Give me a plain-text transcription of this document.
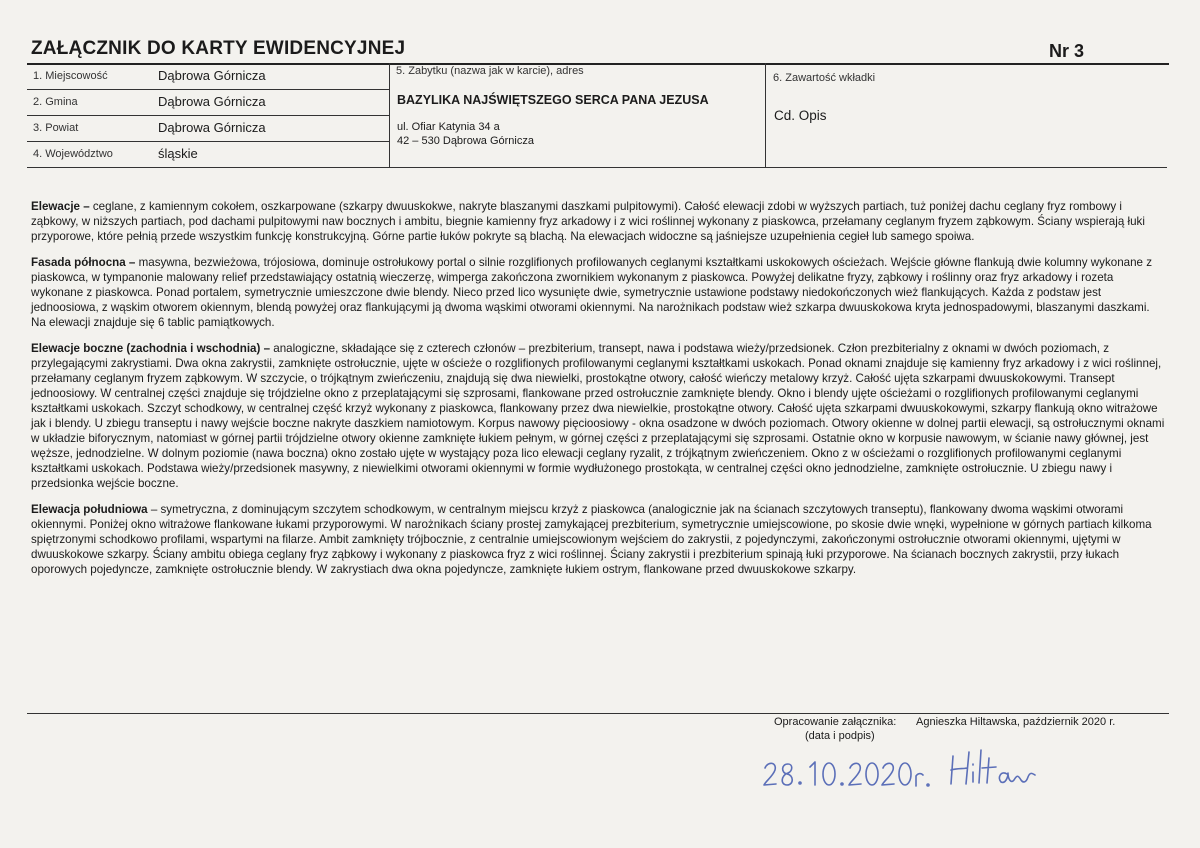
ZAŁĄCZNIK DO KARTY EWIDENCYJNEJ	Nr 3
1. Miejscowość	Dąbrowa Górnicza
2. Gmina	Dąbrowa Górnicza
3. Powiat	Dąbrowa Górnicza
4. Województwo	śląskie
5. Zabytku (nazwa jak w karcie), adres
BAZYLIKA NAJŚWIĘTSZEGO SERCA PANA JEZUSA
ul. Ofiar Katynia 34 a
42 – 530 Dąbrowa Górnicza
6. Zawartość wkładki
Cd. Opis

Elewacje – ceglane, z kamiennym cokołem, oszkarpowane (szkarpy dwuuskokwe, nakryte blaszanymi daszkami pulpitowymi). Całość elewacji zdobi w wyższych partiach, tuż poniżej dachu ceglany fryz rombowy i ząbkowy, w niższych partiach, pod dachami pulpitowymi naw bocznych i ambitu, biegnie kamienny fryz arkadowy i z wici roślinnej wykonany z piaskowca, przełamany ceglanym fryzem ząbkowym. Ściany wspierają łuki przyporowe, które pełnią przede wszystkim funkcję konstrukcyjną. Górne partie łuków pokryte są blachą. Na elewacjach widoczne są jaśniejsze uzupełnienia cegieł lub samego spoiwa.

Fasada północna – masywna, bezwieżowa, trójosiowa, dominuje ostrołukowy portal o silnie rozglifionych profilowanych ceglanymi kształtkami uskokowych ościeżach. Wejście główne flankują dwie kolumny wykonane z piaskowca, w tympanonie malowany relief przedstawiający ostatnią wieczerzę, wimperga zakończona zwornikiem wykonanym z piaskowca. Powyżej delikatne fryzy, ząbkowy i roślinny oraz fryz arkadowy i rozeta wykonane z piaskowca. Ponad portalem, symetrycznie umieszczone dwie blendy. Nieco przed lico wysunięte dwie, symetrycznie ustawione podstawy niedokończonych wież flankujących. Każda z podstaw jest jednoosiowa, z wąskim otworem okiennym, blendą powyżej oraz flankującymi ją dwoma wąskimi otworami okiennymi. Na narożnikach podstaw wież szkarpa dwuuskokowa kryta jednospadowymi, blaszanymi daszkami. Na elewacji znajduje się 6 tablic pamiątkowych.

Elewacje boczne (zachodnia i wschodnia) – analogiczne, składające się z czterech członów – prezbiterium, transept, nawa i podstawa wieży/przedsionek. Człon prezbiterialny z oknami w dwóch poziomach, z przylegającymi zakrystiami. Dwa okna zakrystii, zamknięte ostrołucznie, ujęte w ościeże o rozglifionych profilowanymi ceglanymi kształtkami uskokach. Ponad oknami znajduje się kamienny fryz arkadowy i z wici roślinnej, przełamany ceglanym fryzem ząbkowym. W szczycie, o trójkątnym zwieńczeniu, znajdują się dwa niewielki, prostokątne otwory, całość wieńczy metalowy krzyż. Całość ujęta szkarpami dwuuskokowymi. Transept jednoosiowy. W centralnej części znajduje się trójdzielne okno z przeplatającymi się szprosami, flankowane przed ostrołucznie zamknięte blendy. Okno i blendy ujęte ościeżami o rozglifionych profilowanymi ceglanymi kształtkami uskokach. Szczyt schodkowy, w centralnej część krzyż wykonany z piaskowca, flankowany przez dwa niewielkie, prostokątne otwory. Całość ujęta szkarpami dwuuskokowymi, szkarpy flankują okno witrażowe jak i blendy. U zbiegu transeptu i nawy wejście boczne nakryte daszkiem namiotowym. Korpus nawowy pięcioosiowy - okna osadzone w dwóch poziomach. Otwory okienne w dolnej partii elewacji, są ostrołucznymi oknami w układzie biforycznym, natomiast w górnej partii trójdzielne otwory okienne zamknięte łukiem pełnym, w górnej części z przeplatającymi się szprosami. Ostatnie okno w korpusie nawowym, w ścianie nawy głównej, jest węższe, jednodzielne. W dolnym poziomie (nawa boczna) okno zostało ujęte w wystający poza lico elewacji ceglany ryzalit, z trójkątnym zwieńczeniem. Okno z w ościeżami o rozglifionych profilowanymi ceglanymi kształtkami uskokach. Podstawa wieży/przedsionek masywny, z niewielkimi otworami okiennymi w formie wydłużonego prostokąta, w centralnej części okno jednodzielne, zamknięte ostrołucznie. U zbiegu nawy i przedsionka wejście boczne.

Elewacja południowa – symetryczna, z dominującym szczytem schodkowym, w centralnym miejscu krzyż z piaskowca (analogicznie jak na ścianach szczytowych transeptu), flankowany dwoma wąskimi otworami okiennymi. Poniżej okno witrażowe flankowane łukami przyporowymi. W narożnikach ściany prostej zamykającej prezbiterium, symetrycznie umiejscowione, po skosie dwie wnęki, wypełnione w górnych partiach kilkoma spiętrzonymi schodkowo profilami, wspartymi na filarze. Ambit zamknięty trójbocznie, z centralnie umiejscowionym wejściem do zakrystii, z pojedynczymi, zakończonymi ostrołucznie otworami okiennymi, ujętymi w dwuuskokowe szkarpy. Ściany ambitu obiega ceglany fryz ząbkowy i wykonany z piaskowca fryz z wici roślinnej. Ściany zakrystii i prezbiterium spinają łuki przyporowe. Na ścianach bocznych zakrystii, przy łukach oporowych pojedyncze, zamknięte ostrołucznie blendy. W zakrystiach dwa okna pojedyncze, zamknięte łukiem ostrym, flankowane przed dwuuskokowe szkarpy.

Opracowanie załącznika: Agnieszka Hiltawska, październik 2020 r.
(data i podpis)
